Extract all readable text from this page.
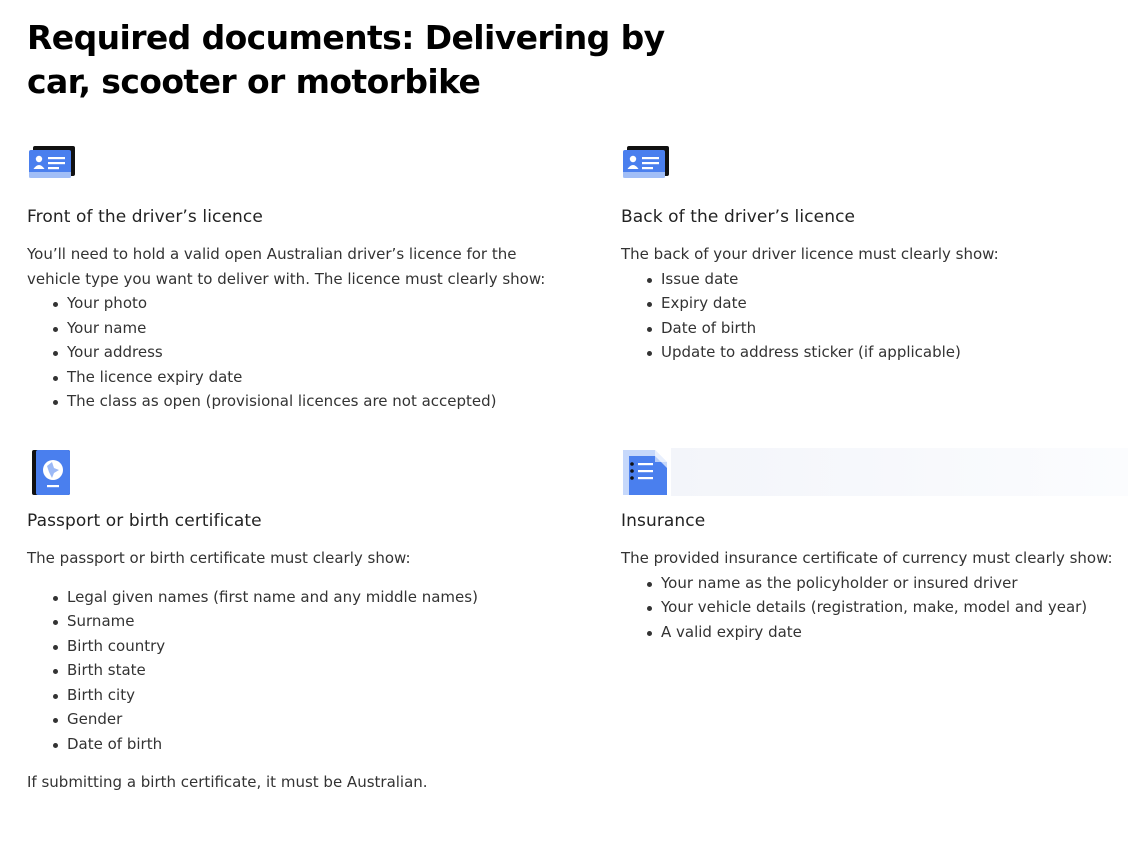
Required documents: Delivering by car, scooter or motorbike
Front of the driver’s licence

You’ll need to hold a valid open Australian driver’s licence for the vehicle type you want to deliver with. The licence must clearly show:

Your photo
Your name
Your address
The licence expiry date
The class as open (provisional licences are not accepted)
Back of the driver’s licence

The back of your driver licence must clearly show:

Issue date
Expiry date
Date of birth
Update to address sticker (if applicable)
Passport or birth certificate

The passport or birth certificate must clearly show:

Legal given names (first name and any middle names)
Surname
Birth country
Birth state
Birth city
Gender
Date of birth

If submitting a birth certificate, it must be Australian.

Insurance

The provided insurance certificate of currency must clearly show:

Your name as the policyholder or insured driver
Your vehicle details (registration, make, model and year)
A valid expiry date
